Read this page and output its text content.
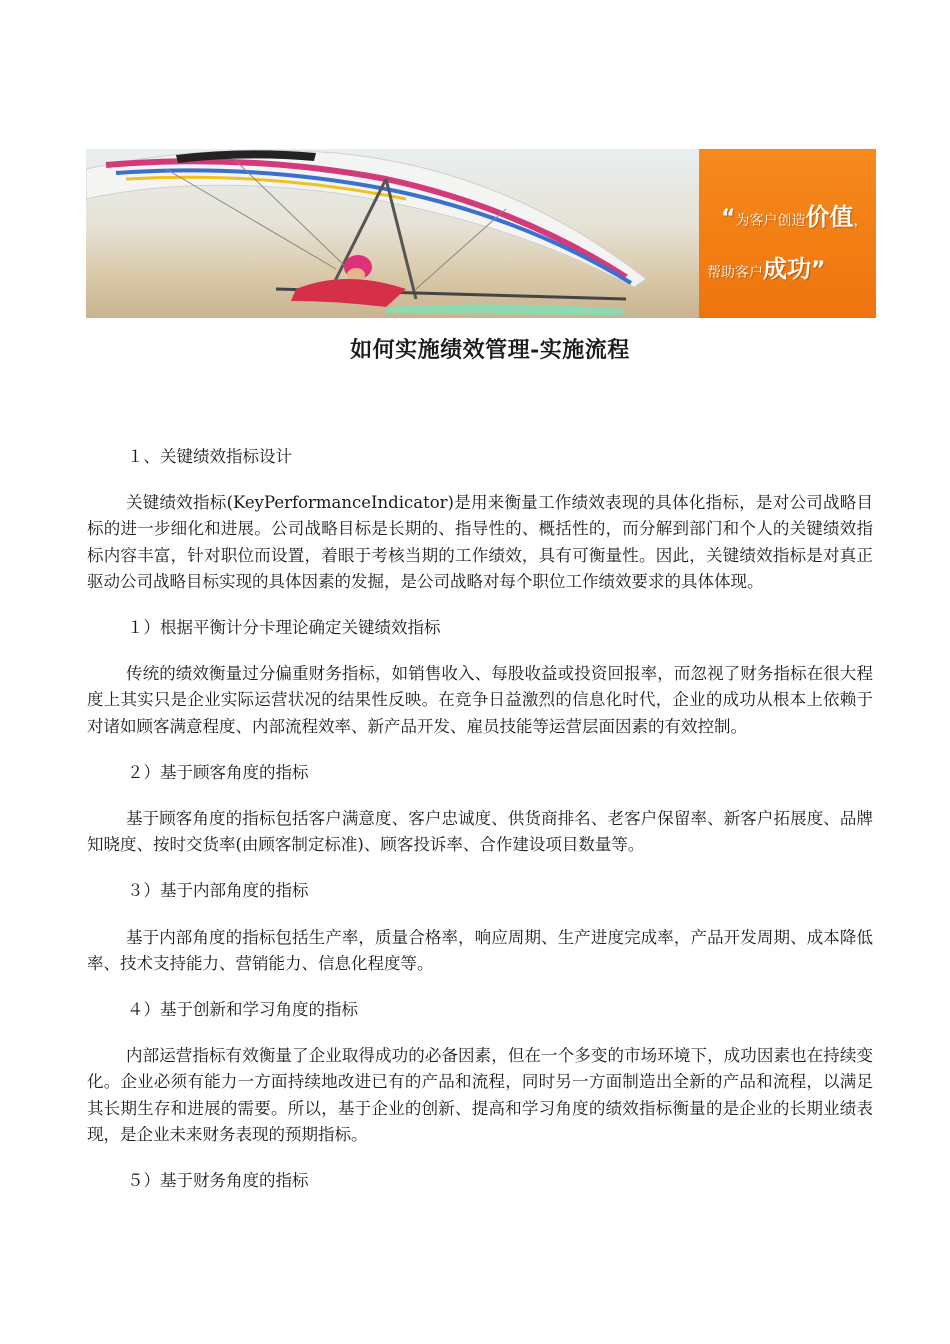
“为客户创造价值，
帮助客户成功”
如何实施绩效管理-实施流程

１、关键绩效指标设计

关键绩效指标(KeyPerformanceIndicator)是用来衡量工作绩效表现的具体化指标，是对公司战略目标的进一步细化和进展。公司战略目标是长期的、指导性的、概括性的，而分解到部门和个人的关键绩效指标内容丰富，针对职位而设置，着眼于考核当期的工作绩效，具有可衡量性。因此，关键绩效指标是对真正驱动公司战略目标实现的具体因素的发掘，是公司战略对每个职位工作绩效要求的具体体现。

１）根据平衡计分卡理论确定关键绩效指标

传统的绩效衡量过分偏重财务指标，如销售收入、每股收益或投资回报率，而忽视了财务指标在很大程度上其实只是企业实际运营状况的结果性反映。在竞争日益激烈的信息化时代，企业的成功从根本上依赖于对诸如顾客满意程度、内部流程效率、新产品开发、雇员技能等运营层面因素的有效控制。

２）基于顾客角度的指标

基于顾客角度的指标包括客户满意度、客户忠诚度、供货商排名、老客户保留率、新客户拓展度、品牌知晓度、按时交货率(由顾客制定标准)、顾客投诉率、合作建设项目数量等。

３）基于内部角度的指标

基于内部角度的指标包括生产率，质量合格率，响应周期、生产进度完成率，产品开发周期、成本降低率、技术支持能力、营销能力、信息化程度等。

４）基于创新和学习角度的指标

内部运营指标有效衡量了企业取得成功的必备因素，但在一个多变的市场环境下，成功因素也在持续变化。企业必须有能力一方面持续地改进已有的产品和流程，同时另一方面制造出全新的产品和流程，以满足其长期生存和进展的需要。所以，基于企业的创新、提高和学习角度的绩效指标衡量的是企业的长期业绩表现，是企业未来财务表现的预期指标。

５）基于财务角度的指标
